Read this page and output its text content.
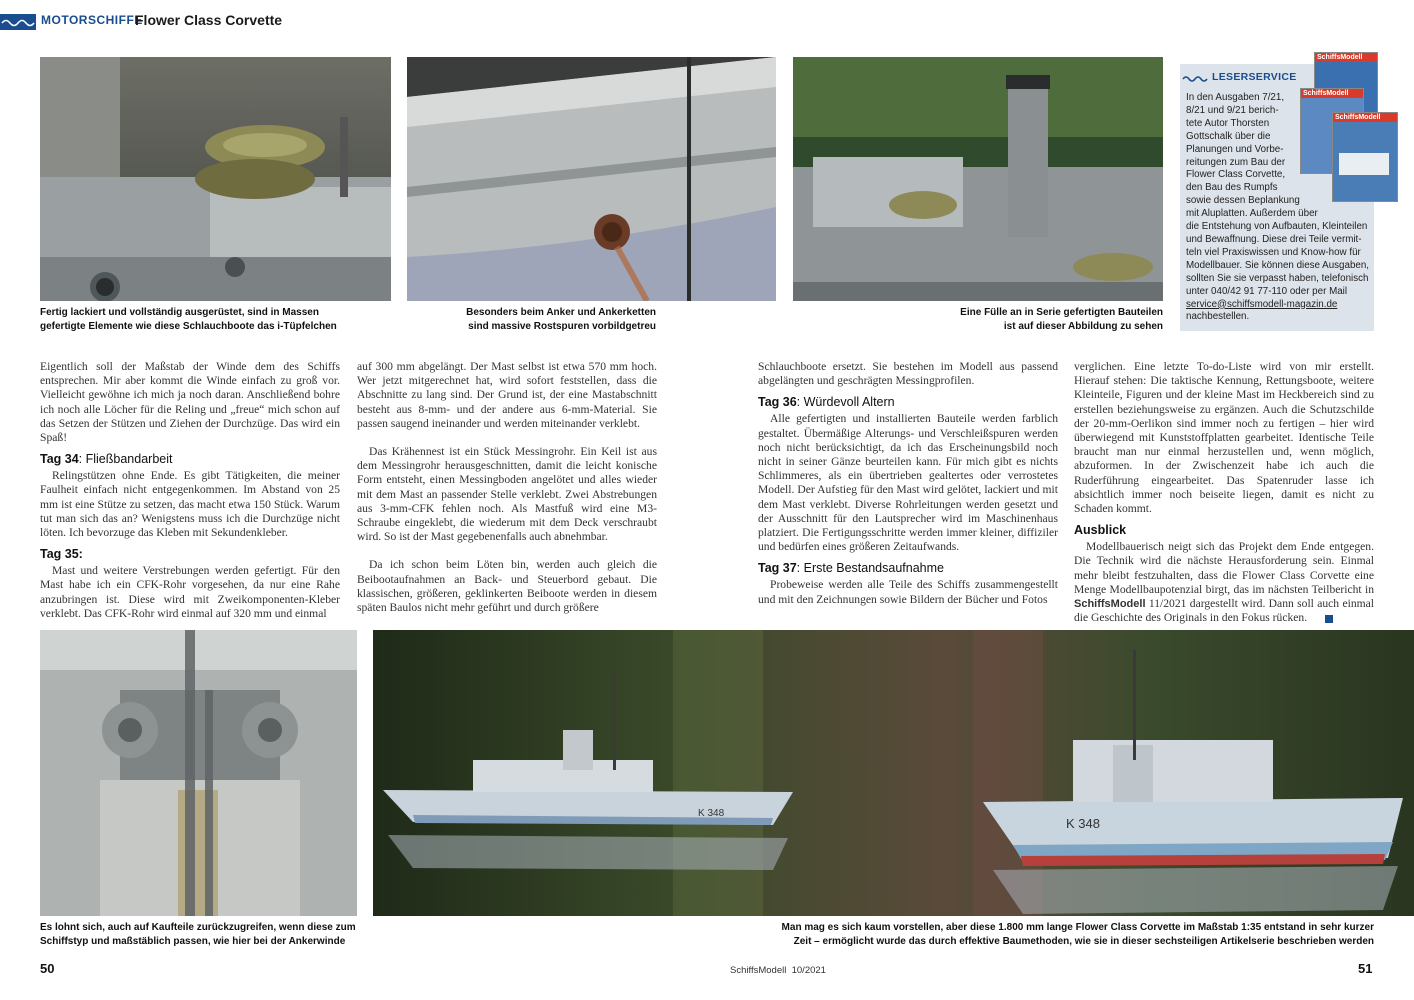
MOTORSCHIFFE
Flower Class Corvette
Fertig lackiert und vollständig ausgerüstet, sind in Massen
gefertigte Elemente wie diese Schlauchboote das i-Tüpfelchen
Besonders beim Anker und Ankerketten
sind massive Rostspuren vorbildgetreu
Eine Fülle an in Serie gefertigten Bauteilen
ist auf dieser Abbildung zu sehen
LESERSERVICE
In den Ausgaben 7/21,
8/21 und 9/21 berich-
tete Autor Thorsten
Gottschalk über die
Planungen und Vorbe-
reitungen zum Bau der
Flower Class Corvette,
den Bau des Rumpfs
sowie dessen Beplankung
mit Aluplatten. Außerdem über
die Entstehung von Aufbauten, Kleinteilen
und Bewaffnung. Diese drei Teile vermit-
teln viel Praxiswissen und Know-how für
Modellbauer. Sie können diese Ausgaben,
sollten Sie sie verpasst haben, telefonisch
unter 040/42 91 77-110 oder per Mail
service@schiffsmodell-magazin.de
nachbestellen.
SchiffsModell
SchiffsModell
SchiffsModell

Eigentlich soll der Maßstab der Winde dem des Schiffs entsprechen. Mir aber kommt die Winde einfach zu groß vor. Vielleicht gewöhne ich mich ja noch daran. Anschließend bohre ich noch alle Löcher für die Reling und „freue“ mich schon auf das Setzen der Stützen und Ziehen der Durchzüge. Das wird ein Spaß!

Tag 34: Fließbandarbeit

Relingstützen ohne Ende. Es gibt Tätigkeiten, die meiner Faulheit einfach nicht entgegenkommen. Im Abstand von 25 mm ist eine Stütze zu setzen, das macht etwa 150 Stück. Warum tut man sich das an? Wenigstens muss ich die Durchzüge nicht löten. Ich bevorzuge das Kleben mit Sekundenkleber.

Tag 35:

Mast und weitere Verstrebungen werden gefertigt. Für den Mast habe ich ein CFK-Rohr vorgesehen, da nur eine Rahe anzubringen ist. Diese wird mit Zweikomponenten-Kleber verklebt. Das CFK-Rohr wird einmal auf 320 mm und einmal

auf 300 mm abgelängt. Der Mast selbst ist etwa 570 mm hoch. Wer jetzt mitgerechnet hat, wird sofort feststellen, dass die Abschnitte zu lang sind. Der Grund ist, der eine Mastabschnitt besteht aus 8-mm- und der andere aus 6-mm-Material. Sie passen saugend ineinander und werden miteinander verklebt.

Das Krähennest ist ein Stück Messingrohr. Ein Keil ist aus dem Messingrohr herausgeschnitten, damit die leicht konische Form entsteht, einen Messingboden angelötet und alles wieder mit dem Mast an passender Stelle verklebt. Zwei Abstrebungen aus 3-mm-CFK fehlen noch. Als Mastfuß wird eine M3-Schraube eingeklebt, die wiederum mit dem Deck verschraubt wird. So ist der Mast gegebenenfalls auch abnehmbar.

Da ich schon beim Löten bin, werden auch gleich die Beibootaufnahmen an Back- und Steuerbord gebaut. Die klassischen, größeren, geklinkerten Beiboote werden in diesem späten Baulos nicht mehr geführt und durch größere

Schlauchboote ersetzt. Sie bestehen im Modell aus passend abgelängten und geschrägten Messingprofilen.

Tag 36: Würdevoll Altern

Alle gefertigten und installierten Bauteile werden farblich gestaltet. Übermäßige Alterungs- und Verschleißspuren werden noch nicht berücksichtigt, da ich das Erscheinungsbild noch nicht in seiner Gänze beurteilen kann. Für mich gibt es nichts Schlimmeres, als ein übertrieben gealtertes oder verrostetes Modell. Der Aufstieg für den Mast wird gelötet, lackiert und mit dem Mast verklebt. Diverse Rohrleitungen werden gesetzt und der Ausschnitt für den Lautsprecher wird im Maschinenhaus platziert. Die Fertigungsschritte werden immer kleiner, diffiziler und bedürfen eines größeren Zeitaufwands.

Tag 37: Erste Bestandsaufnahme

Probeweise werden alle Teile des Schiffs zusammengestellt und mit den Zeichnungen sowie Bildern der Bücher und Fotos

verglichen. Eine letzte To-do-Liste wird von mir erstellt. Hierauf stehen: Die taktische Kennung, Rettungsboote, weitere Kleinteile, Figuren und der kleine Mast im Heckbereich sind zu erstellen beziehungsweise zu ergänzen. Auch die Schutzschilde der 20-mm-Oerlikon sind immer noch zu fertigen – hier wird überwiegend mit Kunststoffplatten gearbeitet. Identische Teile braucht man nur einmal herzustellen und, wenn möglich, abzuformen. In der Zwischenzeit habe ich auch die Ruderführung eingearbeitet. Das Spatenruder lasse ich absichtlich immer noch beiseite liegen, damit es nicht zu Schaden kommt.

Ausblick

Modellbauerisch neigt sich das Projekt dem Ende entgegen. Die Technik wird die nächste Herausforderung sein. Einmal mehr bleibt festzuhalten, dass die Flower Class Corvette eine Menge Modellbaupotenzial birgt, das im nächsten Teilbericht in SchiffsModell 11/2021 dargestellt wird. Dann soll auch einmal die Geschichte des Originals in den Fokus rücken.

Es lohnt sich, auch auf Kaufteile zurückzugreifen, wenn diese zum
Schiffstyp und maßstäblich passen, wie hier bei der Ankerwinde
K 348
K 348
Man mag es sich kaum vorstellen, aber diese 1.800 mm lange Flower Class Corvette im Maßstab 1:35 entstand in sehr kurzer
Zeit – ermöglicht wurde das durch effektive Baumethoden, wie sie in dieser sechsteiligen Artikelserie beschrieben werden
50	SchiffsModell 10/2021	51
